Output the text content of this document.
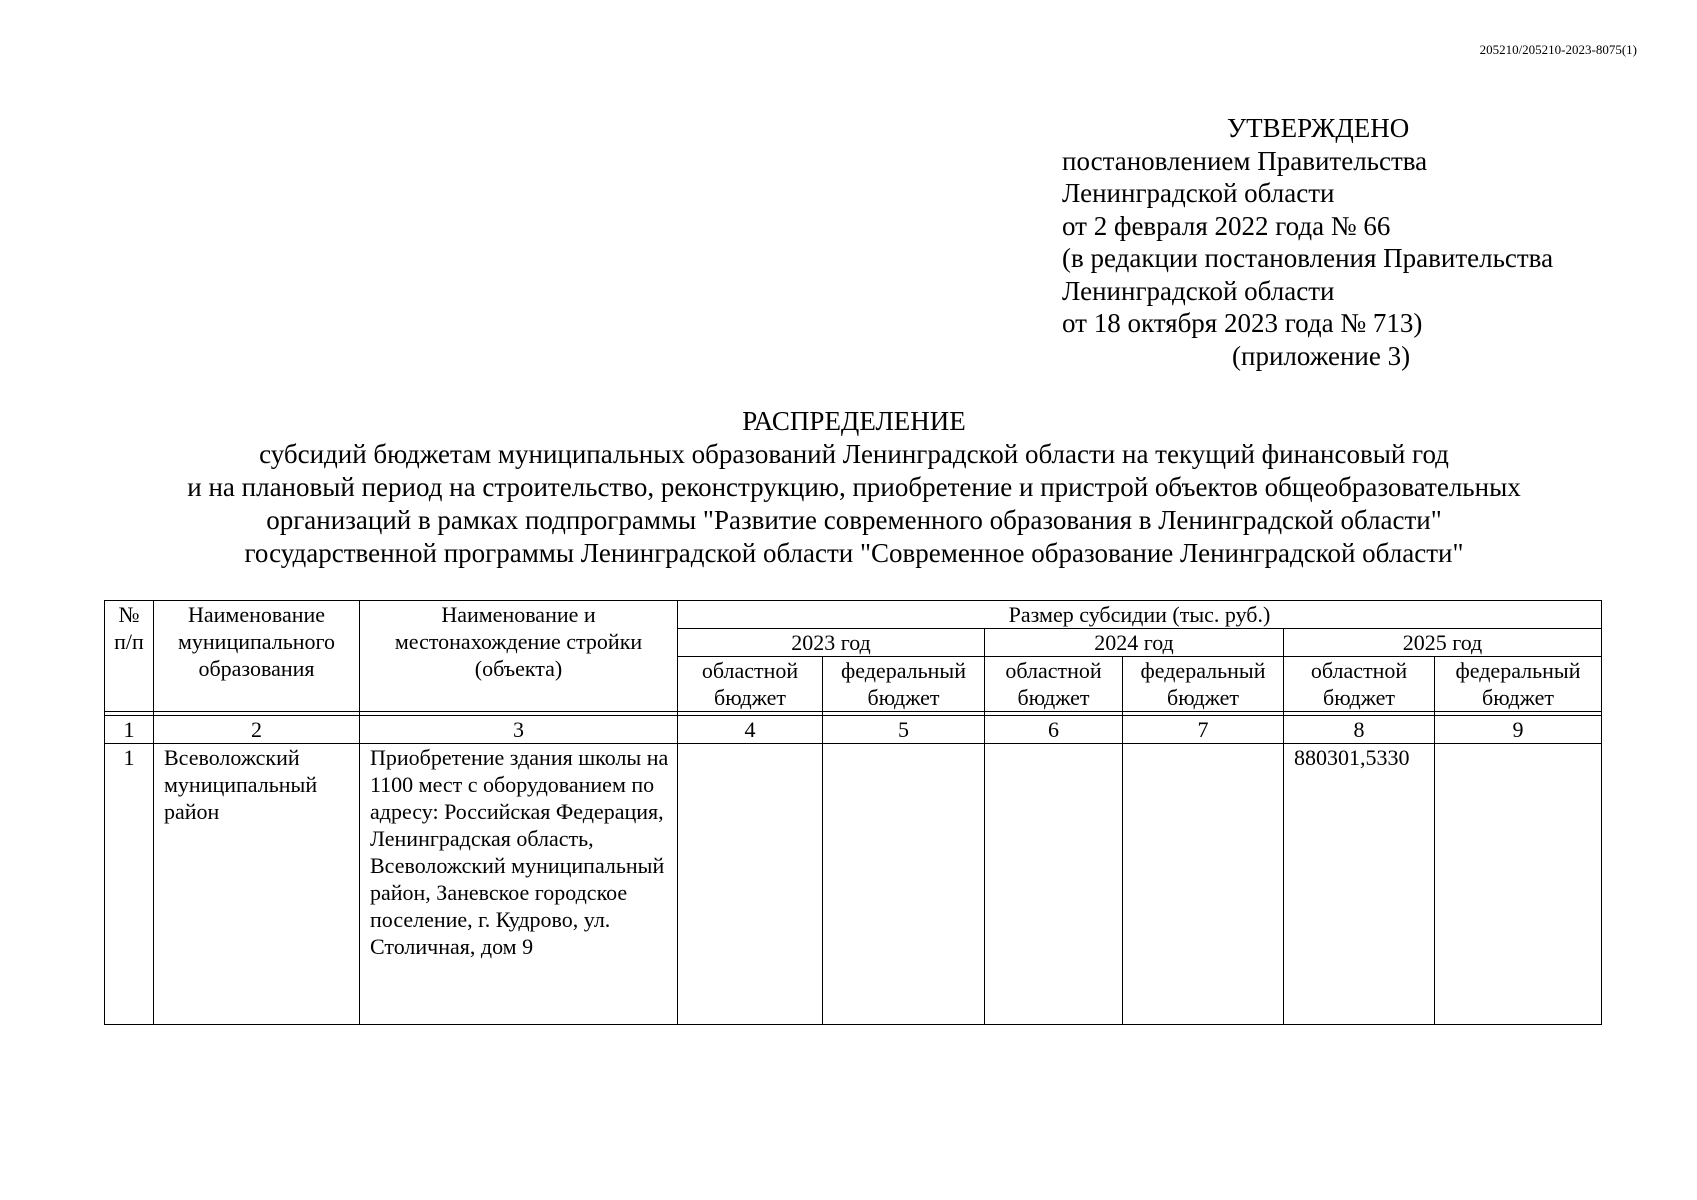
205210/205210-2023-8075(1)
УТВЕРЖДЕНО
постановлением Правительства
Ленинградской области
от 2 февраля 2022 года № 66
(в редакции постановления Правительства
Ленинградской области
от 18 октября 2023 года № 713)
(приложение 3)
РАСПРЕДЕЛЕНИЕ
субсидий бюджетам муниципальных образований Ленинградской области на текущий финансовый год
и на плановый период на строительство, реконструкцию, приобретение и пристрой объектов общеобразовательных
организаций в рамках подпрограммы "Развитие современного образования в Ленинградской области"
государственной программы Ленинградской области "Современное образование Ленинградской области"
№ п/п	Наименование муниципального образования	Наименование и местонахождение стройки (объекта)	Размер субсидии (тыс. руб.)					
			2023 год		2024 год		2025 год	
			областной бюджет	федеральный бюджет	областной бюджет	федеральный бюджет	областной бюджет	федеральный бюджет

1	2	3	4	5	6	7	8	9
1	Всеволожский муниципальный район	Приобретение здания школы на 1100 мест с оборудованием по адресу: Российская Федерация, Ленинградская область, Всеволожский муниципальный район, Заневское городское поселение, г. Кудрово, ул. Столичная, дом 9					880301,5330	
